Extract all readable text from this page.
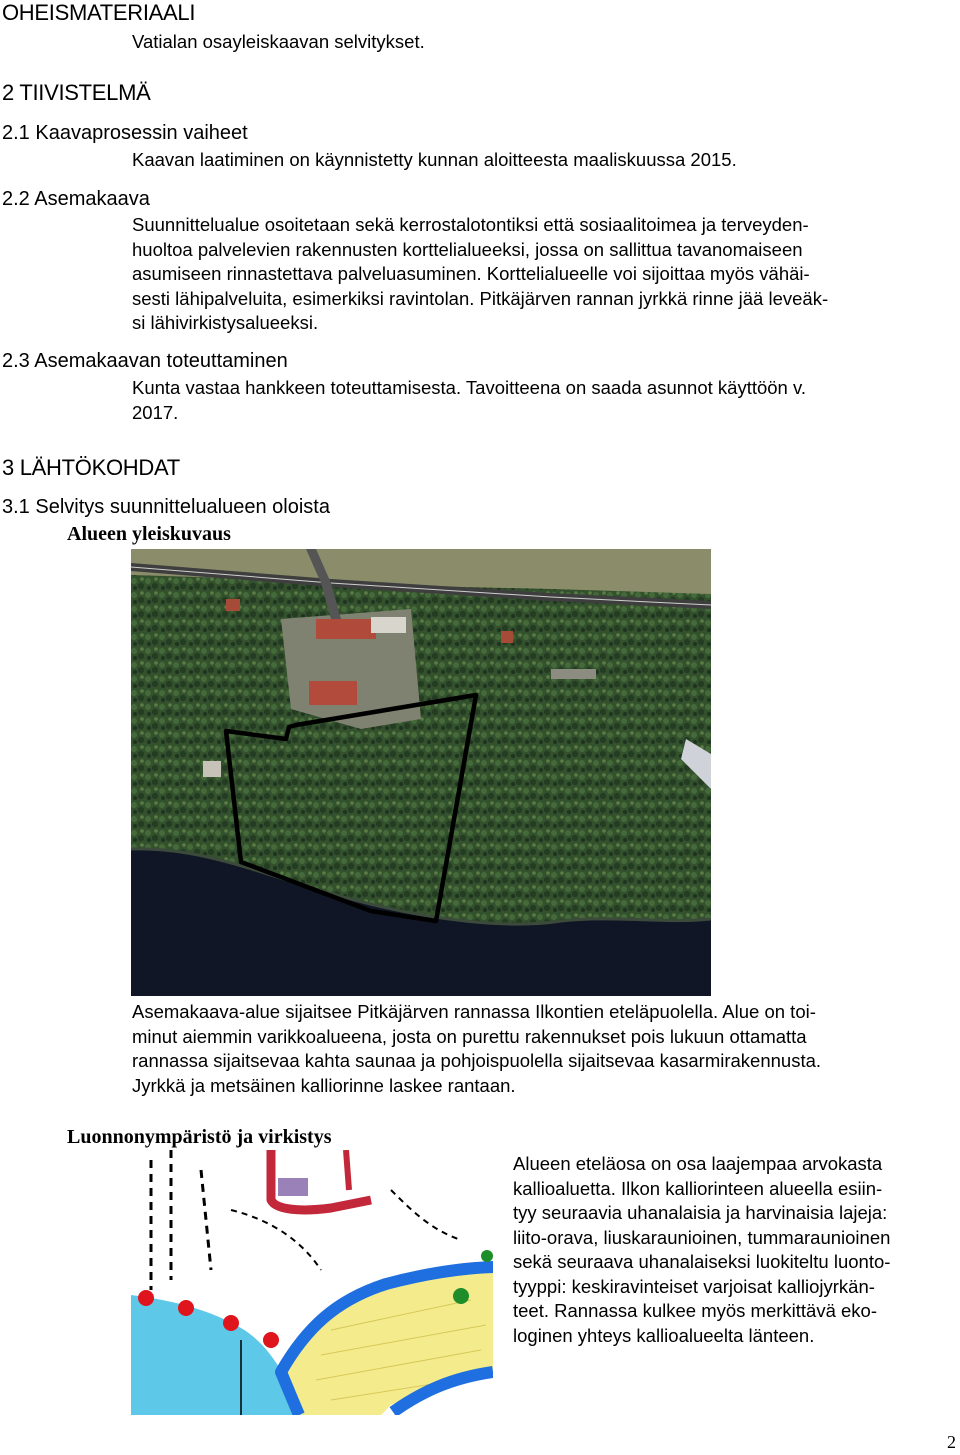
OHEISMATERIAALI
Vatialan osayleiskaavan selvitykset.
2 TIIVISTELMÄ
2.1 Kaavaprosessin vaiheet
Kaavan laatiminen on käynnistetty kunnan aloitteesta maaliskuussa 2015.
2.2 Asemakaava
Suunnittelualue osoitetaan sekä kerrostalotontiksi että sosiaalitoimea ja terveyden-
huoltoa palvelevien rakennusten korttelialueeksi, jossa on sallittua tavanomaiseen
asumiseen rinnastettava palveluasuminen. Korttelialueelle voi sijoittaa myös vähäi-
sesti lähipalveluita, esimerkiksi ravintolan. Pitkäjärven rannan jyrkkä rinne jää leveäk-
si lähivirkistysalueeksi.
2.3 Asemakaavan toteuttaminen
Kunta vastaa hankkeen toteuttamisesta. Tavoitteena on saada asunnot käyttöön v.
2017.
3 LÄHTÖKOHDAT
3.1 Selvitys suunnittelualueen oloista
Alueen yleiskuvaus
Asemakaava-alue sijaitsee Pitkäjärven rannassa Ilkontien eteläpuolella. Alue on toi-
minut aiemmin varikkoalueena, josta on purettu rakennukset pois lukuun ottamatta
rannassa sijaitsevaa kahta saunaa ja pohjoispuolella sijaitsevaa kasarmirakennusta.
Jyrkkä ja metsäinen kalliorinne laskee rantaan.
Luonnonympäristö ja virkistys
Alueen eteläosa on osa laajempaa arvokasta
kallioaluetta. Ilkon kalliorinteen alueella esiin-
tyy seuraavia uhanalaisia ja harvinaisia lajeja:
liito-orava, liuskaraunioinen, tummaraunioinen
sekä seuraava uhanalaiseksi luokiteltu luonto-
tyyppi: keskiravinteiset varjoisat kalliojyrkän-
teet. Rannassa kulkee myös merkittävä eko-
loginen yhteys kallioalueelta länteen.
2
